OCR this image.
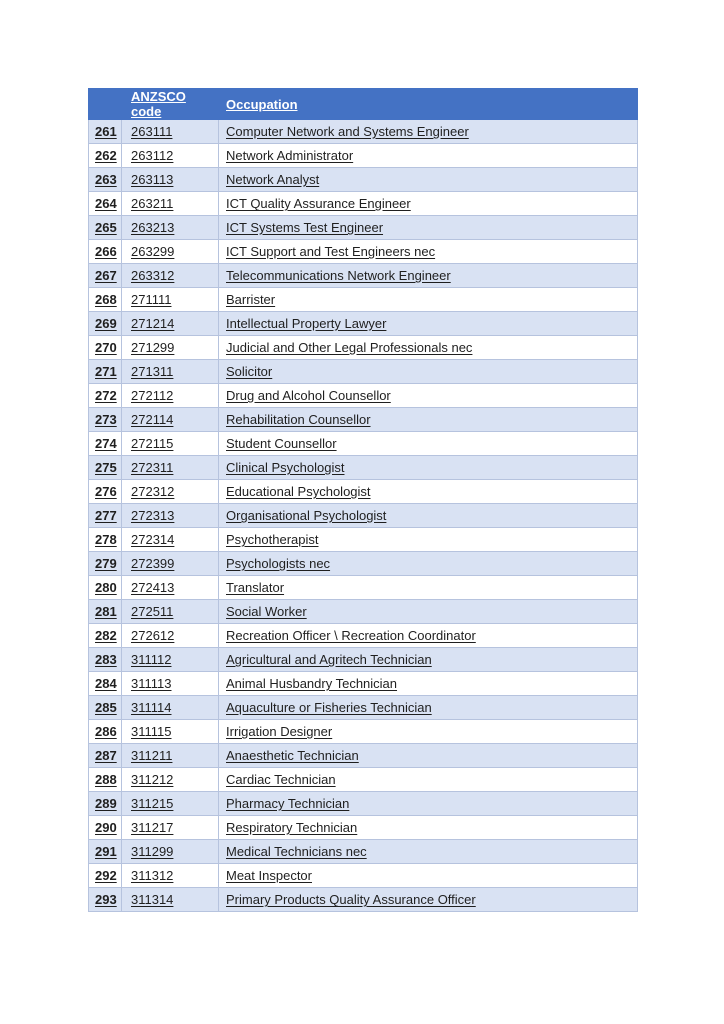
	ANZSCO code	Occupation
261	263111	Computer Network and Systems Engineer
262	263112	Network Administrator
263	263113	Network Analyst
264	263211	ICT Quality Assurance Engineer
265	263213	ICT Systems Test Engineer
266	263299	ICT Support and Test Engineers nec
267	263312	Telecommunications Network Engineer
268	271111	Barrister
269	271214	Intellectual Property Lawyer
270	271299	Judicial and Other Legal Professionals nec
271	271311	Solicitor
272	272112	Drug and Alcohol Counsellor
273	272114	Rehabilitation Counsellor
274	272115	Student Counsellor
275	272311	Clinical Psychologist
276	272312	Educational Psychologist
277	272313	Organisational Psychologist
278	272314	Psychotherapist
279	272399	Psychologists nec
280	272413	Translator
281	272511	Social Worker
282	272612	Recreation Officer \ Recreation Coordinator
283	311112	Agricultural and Agritech Technician
284	311113	Animal Husbandry Technician
285	311114	Aquaculture or Fisheries Technician
286	311115	Irrigation Designer
287	311211	Anaesthetic Technician
288	311212	Cardiac Technician
289	311215	Pharmacy Technician
290	311217	Respiratory Technician
291	311299	Medical Technicians nec
292	311312	Meat Inspector
293	311314	Primary Products Quality Assurance Officer
